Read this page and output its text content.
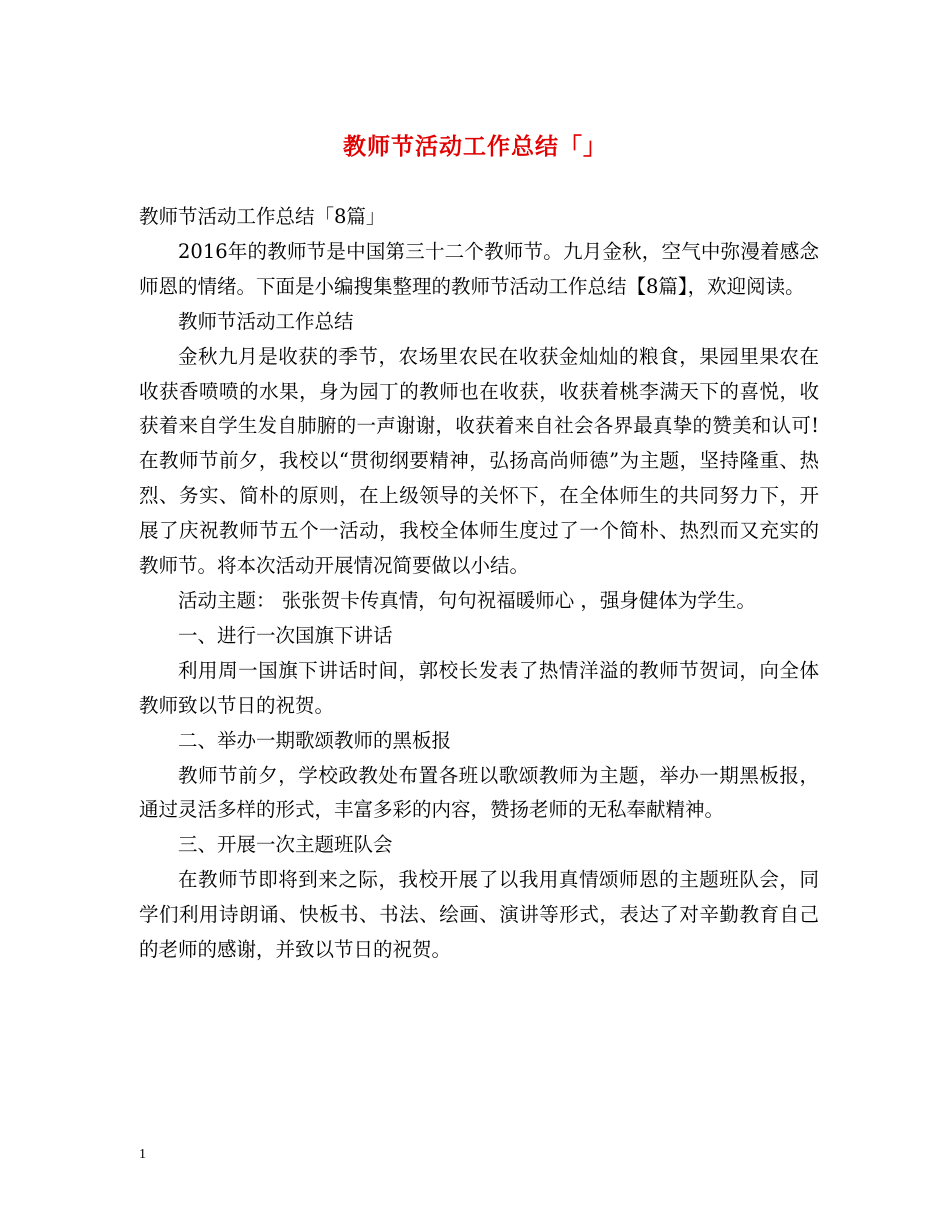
教师节活动工作总结「」

教师节活动工作总结「8篇」

2016年的教师节是中国第三十二个教师节。九月金秋，空气中弥漫着感念师恩的情绪。下面是小编搜集整理的教师节活动工作总结【8篇】，欢迎阅读。

教师节活动工作总结

金秋九月是收获的季节，农场里农民在收获金灿灿的粮食，果园里果农在收获香喷喷的水果，身为园丁的教师也在收获，收获着桃李满天下的喜悦，收获着来自学生发自肺腑的一声谢谢，收获着来自社会各界最真挚的赞美和认可!在教师节前夕，我校以“贯彻纲要精神，弘扬高尚师德”为主题，坚持隆重、热烈、务实、简朴的原则，在上级领导的关怀下，在全体师生的共同努力下，开展了庆祝教师节五个一活动，我校全体师生度过了一个简朴、热烈而又充实的教师节。将本次活动开展情况简要做以小结。

活动主题： 张张贺卡传真情，句句祝福暖师心 ，强身健体为学生。

一、进行一次国旗下讲话

利用周一国旗下讲话时间，郭校长发表了热情洋溢的教师节贺词，向全体教师致以节日的祝贺。

二、举办一期歌颂教师的黑板报

教师节前夕，学校政教处布置各班以歌颂教师为主题，举办一期黑板报，通过灵活多样的形式，丰富多彩的内容，赞扬老师的无私奉献精神。

三、开展一次主题班队会

在教师节即将到来之际，我校开展了以我用真情颂师恩的主题班队会，同学们利用诗朗诵、快板书、书法、绘画、演讲等形式，表达了对辛勤教育自己的老师的感谢，并致以节日的祝贺。

1
